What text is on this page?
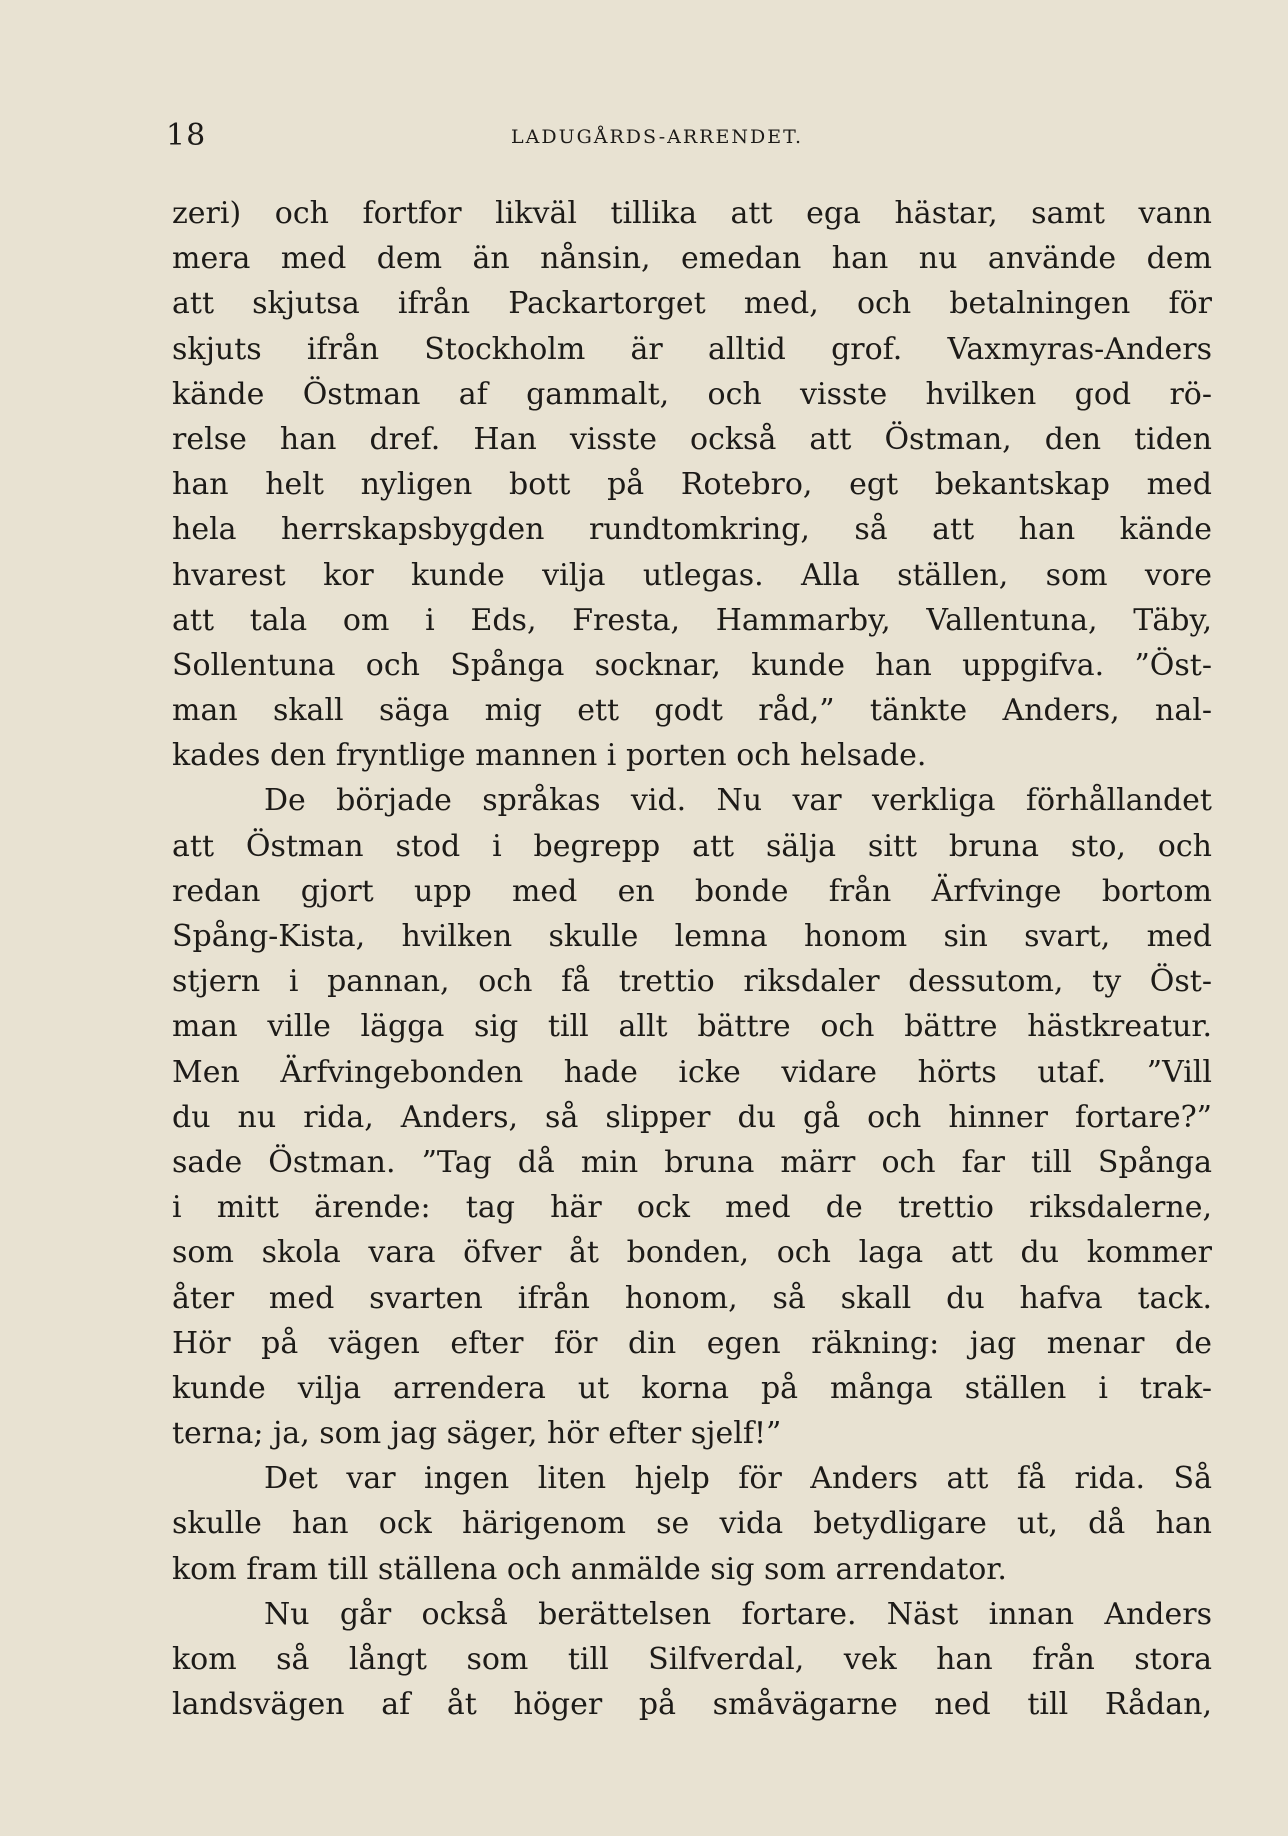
18	LADUGÅRDS-ARRENDET.
zeri) och fortfor likväl tillika att ega hästar, samt vann
mera med dem än nånsin, emedan han nu använde dem
att skjutsa ifrån Packartorget med, och betalningen för
skjuts ifrån Stockholm är alltid grof. Vaxmyras-Anders
kände Östman af gammalt, och visste hvilken god rö-
relse han dref. Han visste också att Östman, den tiden
han helt nyligen bott på Rotebro, egt bekantskap med
hela herrskapsbygden rundtomkring, så att han kände
hvarest kor kunde vilja utlegas. Alla ställen, som vore
att tala om i Eds, Fresta, Hammarby, Vallentuna, Täby,
Sollentuna och Spånga socknar, kunde han uppgifva. ”Öst-
man skall säga mig ett godt råd,” tänkte Anders, nal-
kades den fryntlige mannen i porten och helsade.
De började språkas vid. Nu var verkliga förhållandet
att Östman stod i begrepp att sälja sitt bruna sto, och
redan gjort upp med en bonde från Ärfvinge bortom
Spång-Kista, hvilken skulle lemna honom sin svart, med
stjern i pannan, och få trettio riksdaler dessutom, ty Öst-
man ville lägga sig till allt bättre och bättre hästkreatur.
Men Ärfvingebonden hade icke vidare hörts utaf. ”Vill
du nu rida, Anders, så slipper du gå och hinner fortare?”
sade Östman. ”Tag då min bruna märr och far till Spånga
i mitt ärende: tag här ock med de trettio riksdalerne,
som skola vara öfver åt bonden, och laga att du kommer
åter med svarten ifrån honom, så skall du hafva tack.
Hör på vägen efter för din egen räkning: jag menar de
kunde vilja arrendera ut korna på många ställen i trak-
terna; ja, som jag säger, hör efter sjelf!”
Det var ingen liten hjelp för Anders att få rida. Så
skulle han ock härigenom se vida betydligare ut, då han
kom fram till ställena och anmälde sig som arrendator.
Nu går också berättelsen fortare. Näst innan Anders
kom så långt som till Silfverdal, vek han från stora
landsvägen af åt höger på småvägarne ned till Rådan,
